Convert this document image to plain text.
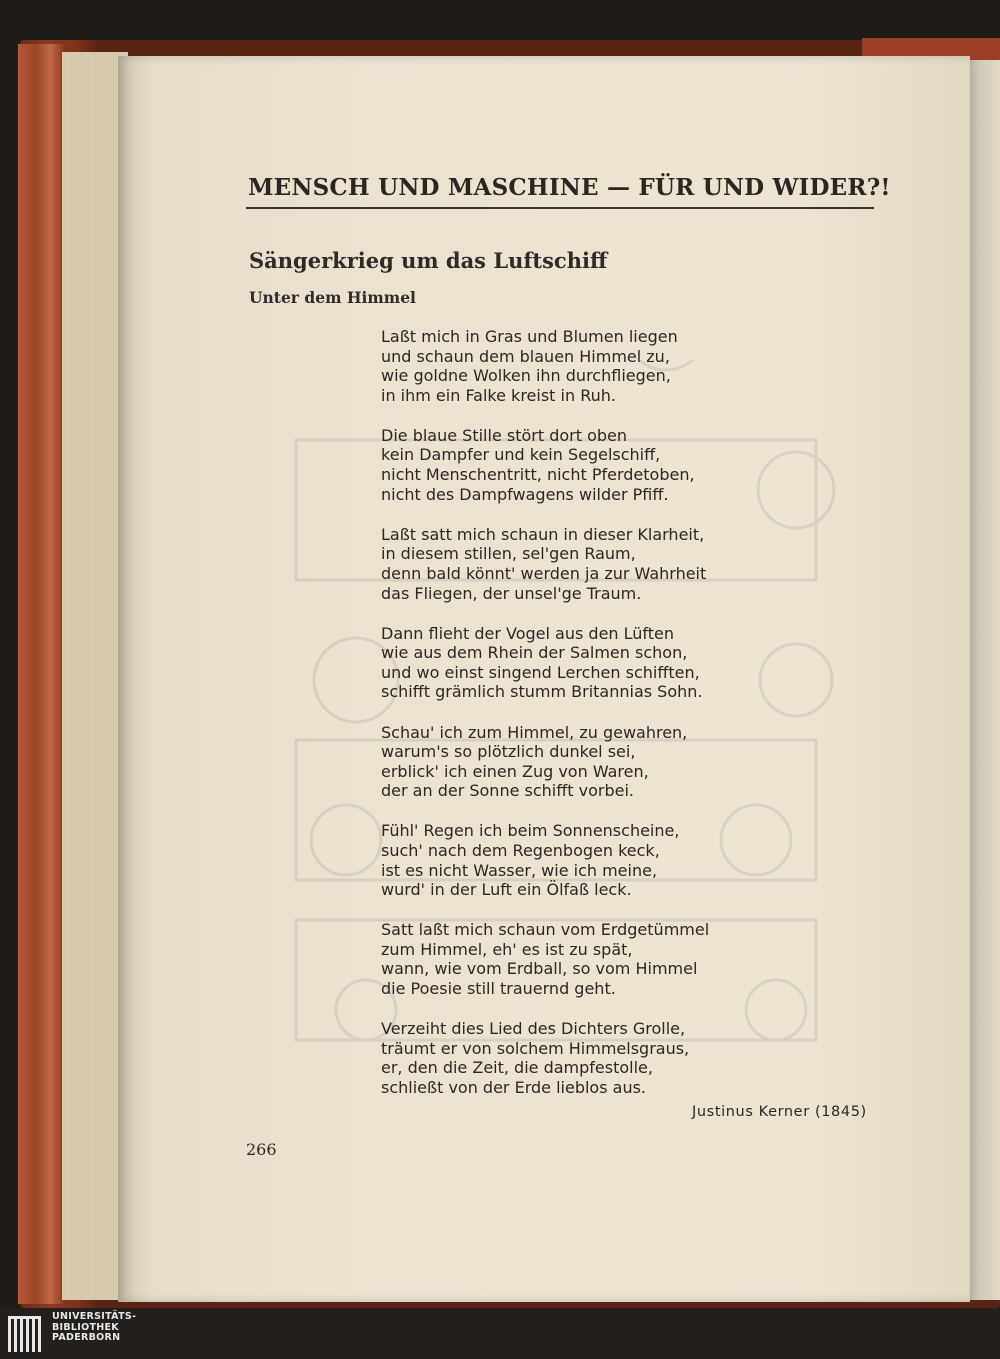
MENSCH UND MASCHINE — FÜR UND WIDER?!
Sängerkrieg um das Luftschiff
Unter dem Himmel
Laßt mich in Gras und Blumen liegen
und schaun dem blauen Himmel zu,
wie goldne Wolken ihn durchfliegen,
in ihm ein Falke kreist in Ruh.
Die blaue Stille stört dort oben
kein Dampfer und kein Segelschiff,
nicht Menschentritt, nicht Pferdetoben,
nicht des Dampfwagens wilder Pfiff.
Laßt satt mich schaun in dieser Klarheit,
in diesem stillen, sel'gen Raum,
denn bald könnt' werden ja zur Wahrheit
das Fliegen, der unsel'ge Traum.
Dann flieht der Vogel aus den Lüften
wie aus dem Rhein der Salmen schon,
und wo einst singend Lerchen schifften,
schifft grämlich stumm Britannias Sohn.
Schau' ich zum Himmel, zu gewahren,
warum's so plötzlich dunkel sei,
erblick' ich einen Zug von Waren,
der an der Sonne schifft vorbei.
Fühl' Regen ich beim Sonnenscheine,
such' nach dem Regenbogen keck,
ist es nicht Wasser, wie ich meine,
wurd' in der Luft ein Ölfaß leck.
Satt laßt mich schaun vom Erdgetümmel
zum Himmel, eh' es ist zu spät,
wann, wie vom Erdball, so vom Himmel
die Poesie still trauernd geht.
Verzeiht dies Lied des Dichters Grolle,
träumt er von solchem Himmelsgraus,
er, den die Zeit, die dampfestolle,
schließt von der Erde lieblos aus.
Justinus Kerner (1845)
266
UNIVERSITÄTS-
BIBLIOTHEK
PADERBORN
